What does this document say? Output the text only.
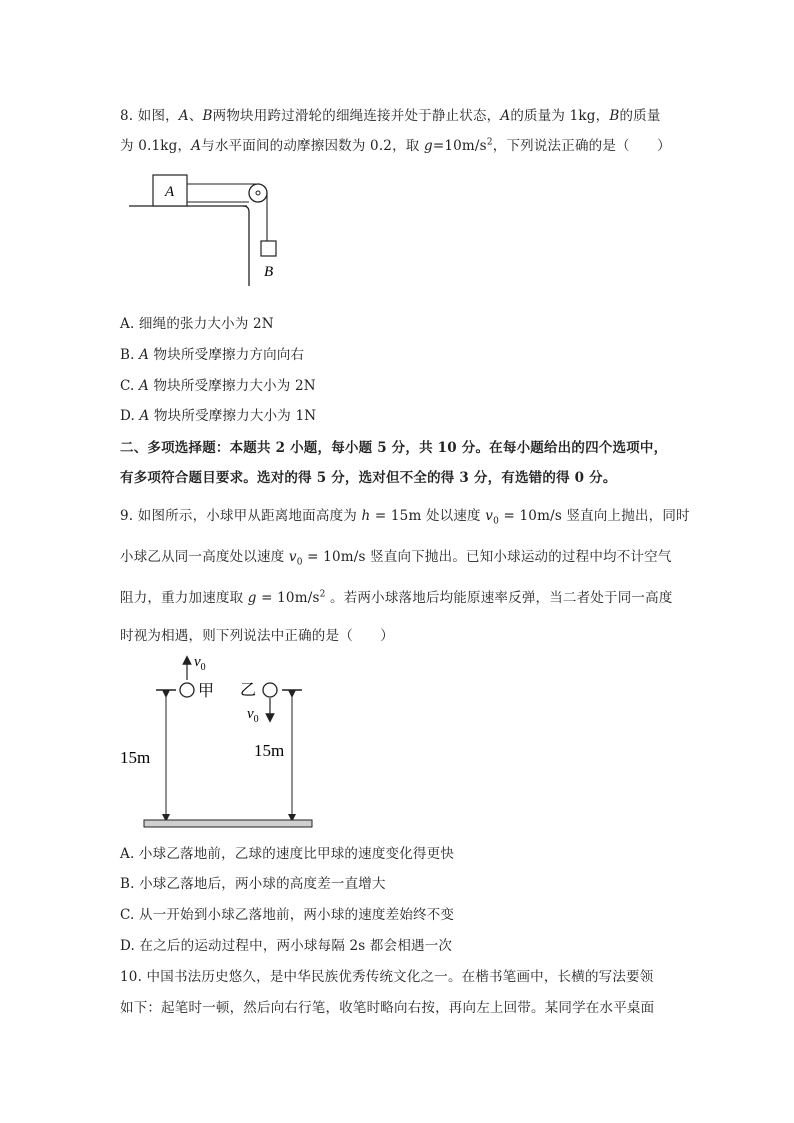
8. 如图，A、B两物块用跨过滑轮的细绳连接并处于静止状态，A的质量为 1kg，B的质量
为 0.1kg，A与水平面间的动摩擦因数为 0.2，取 $g=10m/s^2$，下列说法正确的是（　　）
A
B
A. 细绳的张力大小为 2N
B. A 物块所受摩擦力方向向右
C. A 物块所受摩擦力大小为 2N
D. A 物块所受摩擦力大小为 1N
二、多项选择题：本题共 2 小题，每小题 5 分，共 10 分。在每小题给出的四个选项中，
有多项符合题目要求。选对的得 5 分，选对但不全的得 3 分，有选错的得 0 分。
9. 如图所示，小球甲从距离地面高度为 h = 15m 处以速度 $v_0 = 10m/s$ 竖直向上抛出，同时
小球乙从同一高度处以速度 $v_0 = 10m/s$ 竖直向下抛出。已知小球运动的过程中均不计空气
阻力，重力加速度取 $g = 10m/s^2$ 。若两小球落地后均能原速率反弹，当二者处于同一高度
时视为相遇，则下列说法中正确的是（　　）
$v_0$
甲 乙
$v_0$
15m	15m
A. 小球乙落地前，乙球的速度比甲球的速度变化得更快
B. 小球乙落地后，两小球的高度差一直增大
C. 从一开始到小球乙落地前，两小球的速度差始终不变
D. 在之后的运动过程中，两小球每隔 2s 都会相遇一次
10. 中国书法历史悠久，是中华民族优秀传统文化之一。在楷书笔画中，长横的写法要领
如下：起笔时一顿，然后向右行笔，收笔时略向右按，再向左上回带。某同学在水平桌面
